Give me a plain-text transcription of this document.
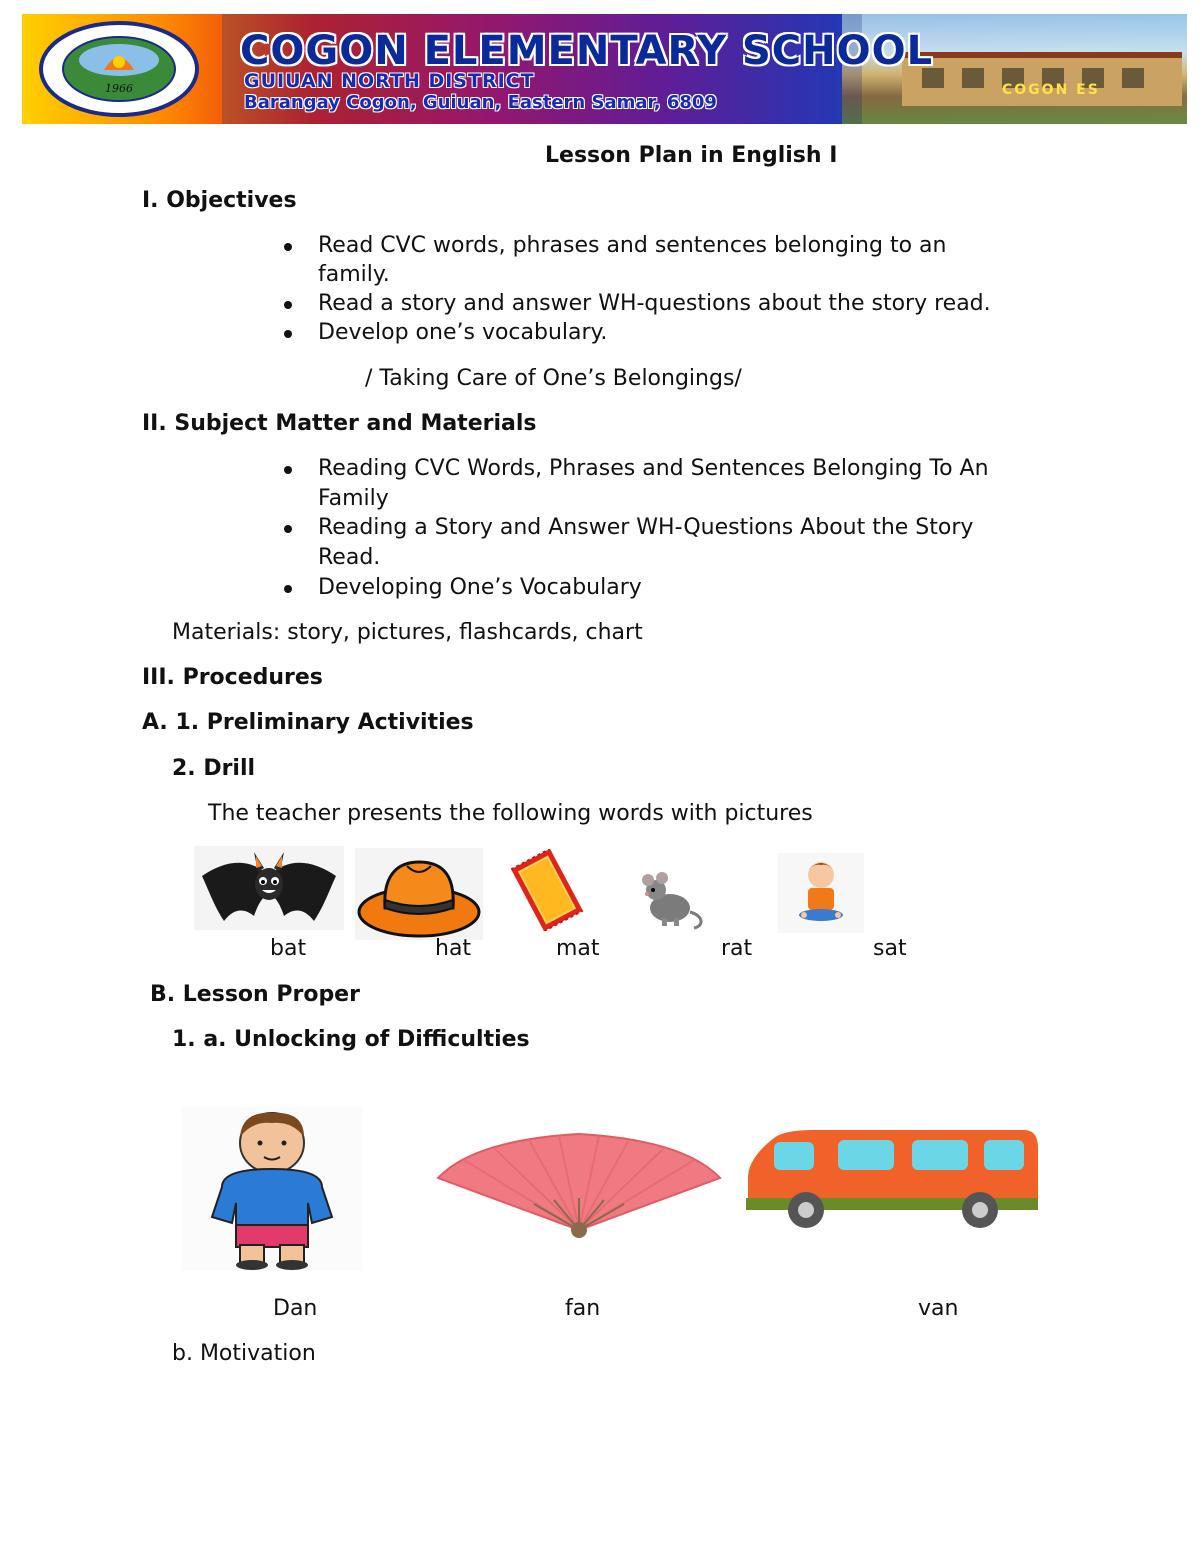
COGON ES
1966
COGON ELEMENTARY SCHOOL
GUIUAN NORTH DISTRICT
Barangay Cogon, Guiuan, Eastern Samar, 6809
Lesson Plan in English I
I. Objectives
Read CVC words, phrases and sentences belonging to an
family.
Read a story and answer WH-questions about the story read.
Develop one’s vocabulary.
/ Taking Care of One’s Belongings/
II. Subject Matter and Materials
Reading CVC Words, Phrases and Sentences Belonging To An
Family
Reading a Story and Answer WH-Questions About the Story
Read.
Developing One’s Vocabulary
Materials: story, pictures, flashcards, chart
III. Procedures
A. 1. Preliminary Activities
2. Drill
The teacher presents the following words with pictures
bat	hat	mat	rat	sat
B. Lesson Proper
1. a. Unlocking of Difficulties
Dan	fan	van
b. Motivation
